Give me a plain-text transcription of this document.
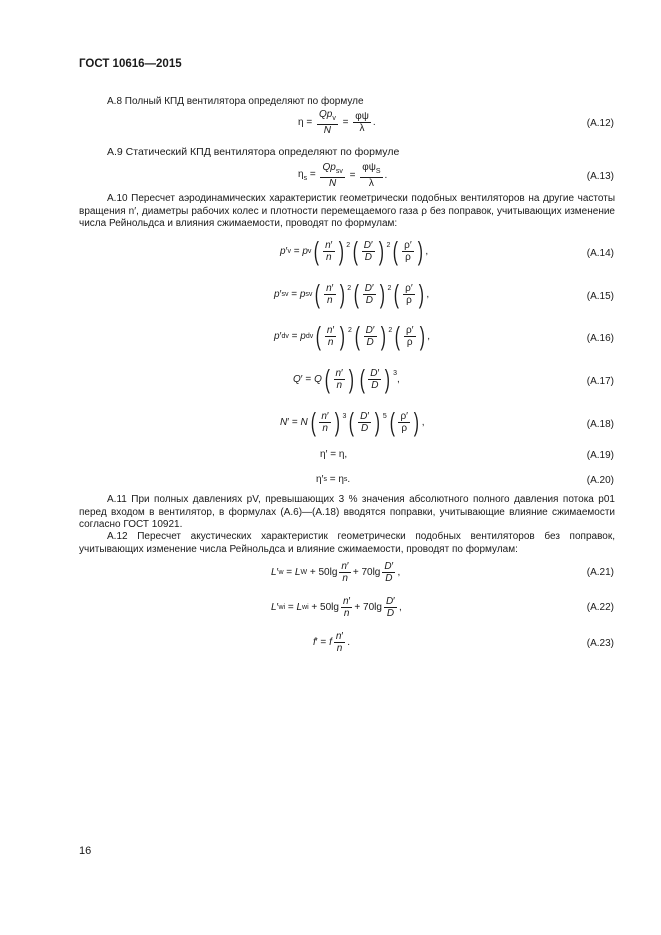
ГОСТ 10616—2015
А.8 Полный КПД вентилятора определяют по формуле
$\eta = \frac{Qp_v}{N} = \frac{\varphi\psi}{\lambda}$ .	(А.12)
А.9 Статический КПД вентилятора определяют по формуле
$\eta_s = \frac{Qp_{sv}}{N} = \frac{\varphi\psi_S}{\lambda}$ .	(А.13)
А.10 Пересчет аэродинамических характеристик геометрически подобных вентиляторов на другие частоты вращения n′, диаметры рабочих колес и плотности перемещаемого газа ρ без поправок, учитывающих изменение числа Рейнольдса и влияния сжимаемости, проводят по формулам:
p ′ v = p v ( $\frac{n'}{n}$ ) 2 ( $\frac{D'}{D}$ ) 2 ( $\frac{\rho'}{\rho}$ ) ,	(А.14)
p ′ sv = p sv ( $\frac{n'}{n}$ ) 2 ( $\frac{D'}{D}$ ) 2 ( $\frac{\rho'}{\rho}$ ) ,	(А.15)
p ′ dv = p dv ( $\frac{n'}{n}$ ) 2 ( $\frac{D'}{D}$ ) 2 ( $\frac{\rho'}{\rho}$ ) ,	(А.16)
Q ′ = Q ( $\frac{n'}{n}$ ) ( $\frac{D'}{D}$ ) 3
,	(А.17)
N ′ = N ( $\frac{n'}{n}$ ) 3 ( $\frac{D'}{D}$ ) 5 ( $\frac{\rho'}{\rho}$ ) ,	(А.18)
η′ = η,	(А.19)
η′ s = η s .	(А.20)
А.11 При полных давлениях pV, превышающих 3 % значения абсолютного полного давления потока p01 перед входом в вентилятор, в формулах (А.6)—(А.18) вводятся поправки, учитывающие влияние сжимаемости согласно ГОСТ 10921.
А.12 Пересчет акустических характеристик геометрически подобных вентиляторов без поправок, учитывающих изменение числа Рейнольдса и влияние сжимаемости, проводят по формулам:
L ′ w = L $W + 50\lg \frac{n'}{n} + 70\lg \frac{D'}{D}$ ,	(А.21)
L ′ wi = L wi + $50\lg \frac{n'}{n} + 70\lg \frac{D'}{D}$ ,	(А.22)
f ′ = f $\frac{n'}{n}$ .	(А.23)
16
